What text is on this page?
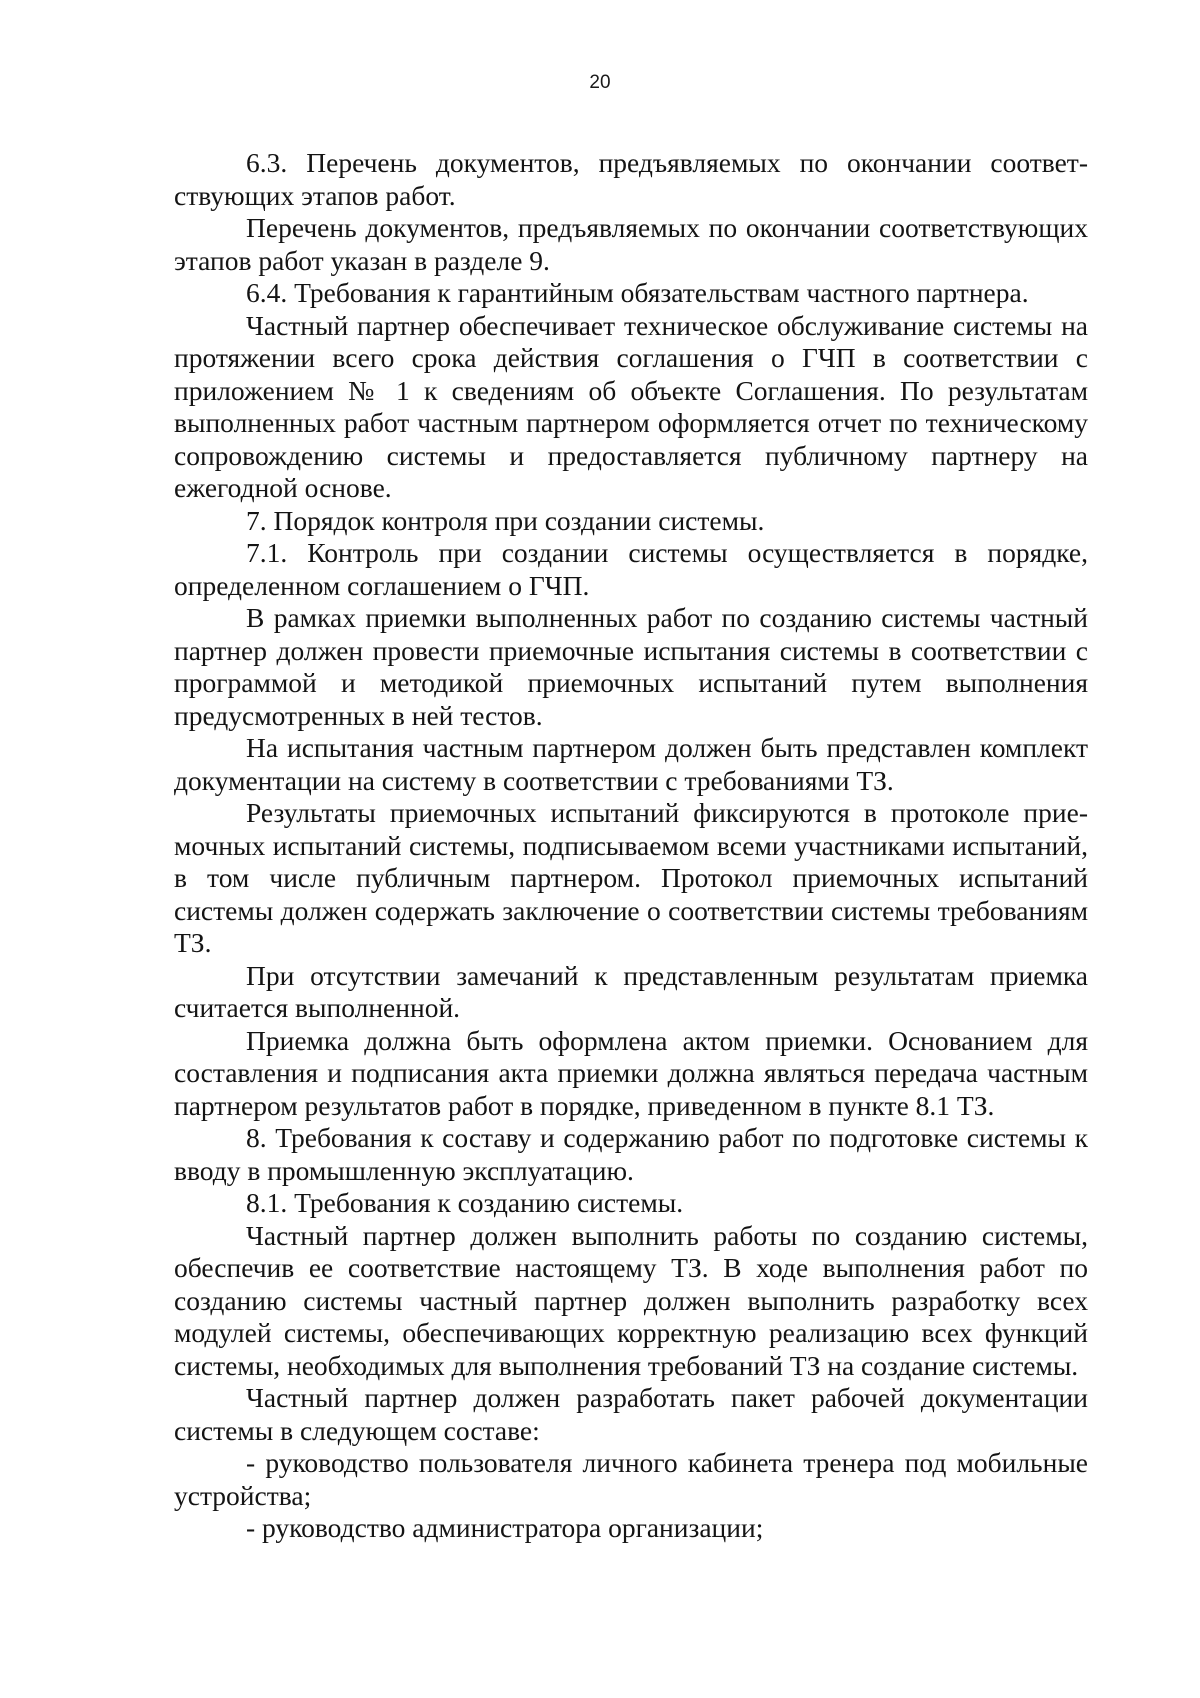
20

6.3. Перечень документов, предъявляемых по окончании соответствующих этапов работ.

Перечень документов, предъявляемых по окончании соответствующих этапов работ указан в разделе 9.

6.4. Требования к гарантийным обязательствам частного партнера.

Частный партнер обеспечивает техническое обслуживание системы на протяжении всего срока действия соглашения о ГЧП в соответствии с приложением № 1 к сведениям об объекте Соглашения. По результатам выполненных работ частным партнером оформляется отчет по техническому сопровождению системы и предоставляется публичному партнеру на ежегодной основе.

7. Порядок контроля при создании системы.

7.1. Контроль при создании системы осуществляется в порядке, определенном соглашением о ГЧП.

В рамках приемки выполненных работ по созданию системы частный партнер должен провести приемочные испытания системы в соответствии с программой и методикой приемочных испытаний путем выполнения предусмотренных в ней тестов.

На испытания частным партнером должен быть представлен комплект документации на систему в соответствии с требованиями ТЗ.

Результаты приемочных испытаний фиксируются в протоколе приемочных испытаний системы, подписываемом всеми участниками испытаний, в том числе публичным партнером. Протокол приемочных испытаний системы должен содержать заключение о соответствии системы требованиям ТЗ.

При отсутствии замечаний к представленным результатам приемка считается выполненной.

Приемка должна быть оформлена актом приемки. Основанием для составления и подписания акта приемки должна являться передача частным партнером результатов работ в порядке, приведенном в пункте 8.1 ТЗ.

8. Требования к составу и содержанию работ по подготовке системы к вводу в промышленную эксплуатацию.

8.1. Требования к созданию системы.

Частный партнер должен выполнить работы по созданию системы, обеспечив ее соответствие настоящему ТЗ. В ходе выполнения работ по созданию системы частный партнер должен выполнить разработку всех модулей системы, обеспечивающих корректную реализацию всех функций системы, необходимых для выполнения требований ТЗ на создание системы.

Частный партнер должен разработать пакет рабочей документации системы в следующем составе:

- руководство пользователя личного кабинета тренера под мобильные устройства;

- руководство администратора организации;
